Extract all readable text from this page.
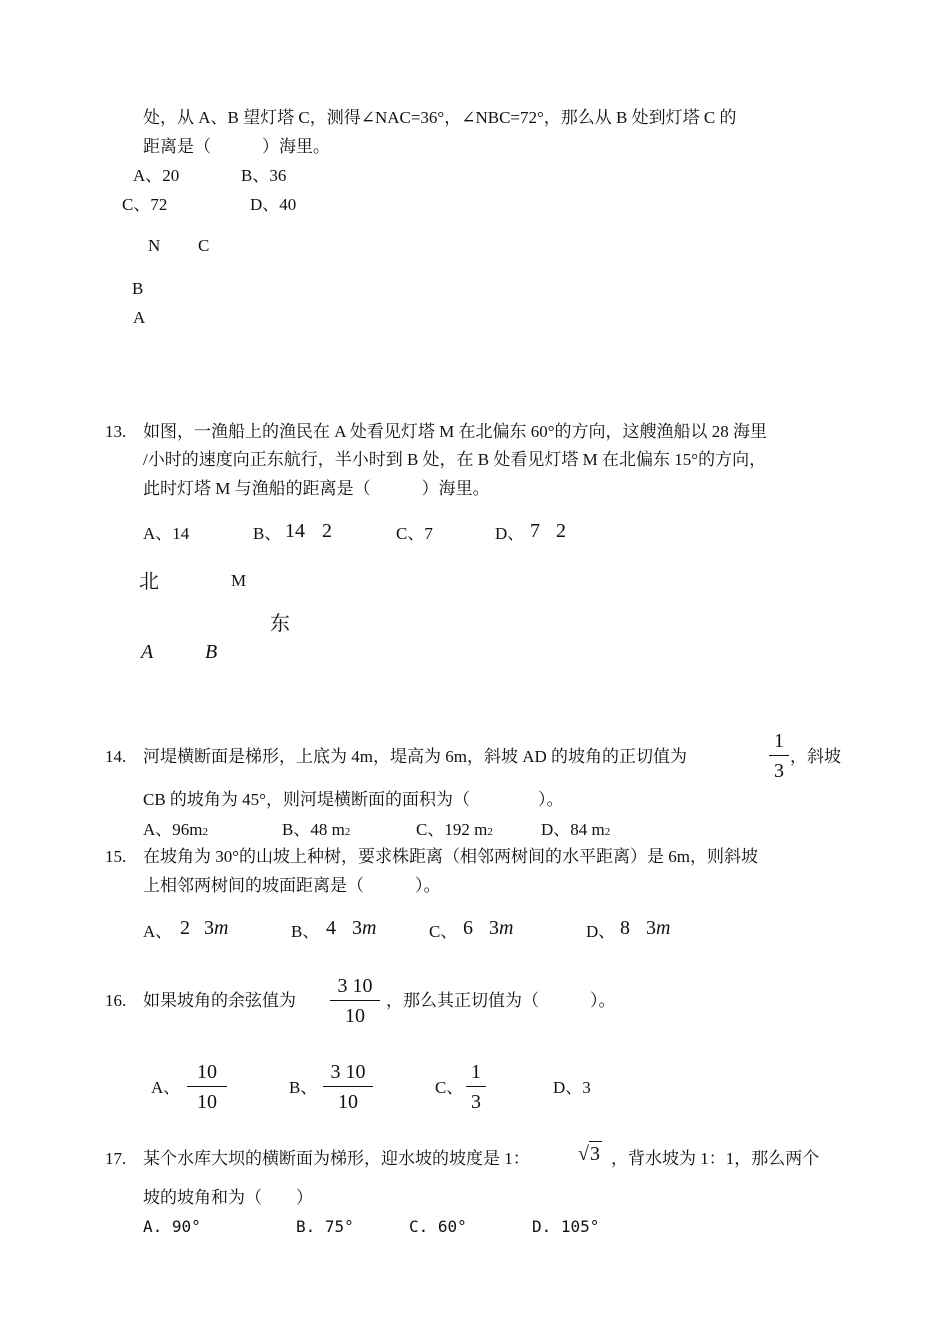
处，从 A、B 望灯塔 C，测得∠NAC=36°，∠NBC=72°，那么从 B 处到灯塔 C 的
距离是（　　　）海里。
A、20	B、36
C、72	D、40
N C
B
A
13. 如图，一渔船上的渔民在 A 处看见灯塔 M 在北偏东 60°的方向，这艘渔船以 28 海里
/小时的速度向正东航行，半小时到 B 处，在 B 处看见灯塔 M 在北偏东 15°的方向，
此时灯塔 M 与渔船的距离是（　　　）海里。
A、14	B、 14 2	C、7	D、 7 2
北	M
东
A	B
14. 河堤横断面是梯形，上底为 4m，堤高为 6m，斜坡 AD 的坡角的正切值为
1
3
，斜坡
CB 的坡角为 45°，则河堤横断面的面积为（　　　　）。
A、96m2	B、48 m2	C、192 m2	D、84 m2
15. 在坡角为 30°的山坡上种树，要求株距离（相邻两树间的水平距离）是 6m，则斜坡
上相邻两树间的坡面距离是（　　　）。
A、 2 3m	B、 4 3m	C、 6 3m	D、 8 3m
16. 如果坡角的余弦值为
3 10
10
，那么其正切值为（　　　）。
A、
10
10
B、
3 10
10
C、
1
3
D、3
17. 某个水库大坝的横断面为梯形，迎水坡的坡度是 1： √3 ，背水坡为 1：1，那么两个
坡的坡角和为（　　）
A. 90°	B. 75°	C. 60°	D. 105°
